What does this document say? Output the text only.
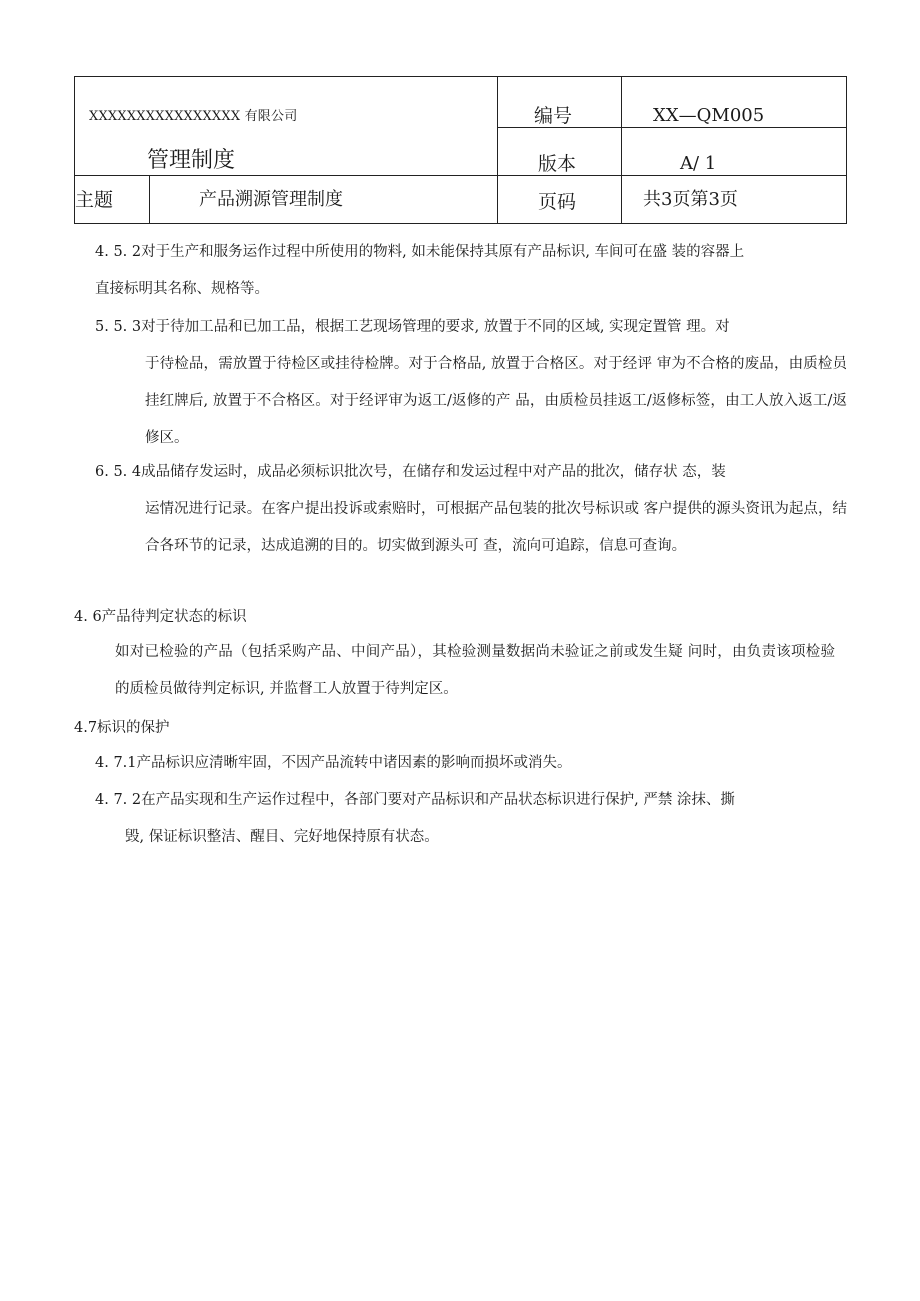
XXXXXXXXXXXXXXXX 有限公司
管理制度
主题	产品溯源管理制度
编号
版本
页码
XX—QM005
A/ 1
共3页第3页
4. 5. 2对于生产和服务运作过程中所使用的物料, 如未能保持其原有产品标识, 车间可在盛 装的容器上
直接标明其名称、规格等。
5. 5. 3对于待加工品和已加工品，根据工艺现场管理的要求, 放置于不同的区域, 实现定置管 理。对
于待检品，需放置于待检区或挂待检牌。对于合格品, 放置于合格区。对于经评 审为不合格的废品，由质检员挂红牌后, 放置于不合格区。对于经评审为返工/返修的产 品，由质检员挂返工/返修标签，由工人放入返工/返修区。
6. 5. 4成品储存发运时，成品必须标识批次号，在储存和发运过程中对产品的批次，储存状 态，装
运情况进行记录。在客户提出投诉或索赔时，可根据产品包装的批次号标识或 客户提供的源头资讯为起点，结合各环节的记录，达成追溯的目的。切实做到源头可 查，流向可追踪，信息可查询。
4. 6产品待判定状态的标识
如对已检验的产品（包括采购产品、中间产品），其检验测量数据尚未验证之前或发生疑 问时，由负责该项检验的质检员做待判定标识, 并监督工人放置于待判定区。
4.7标识的保护
4. 7.1产品标识应清晰牢固，不因产品流转中诸因素的影响而损坏或消失。
4. 7. 2在产品实现和生产运作过程中，各部门要对产品标识和产品状态标识进行保护, 严禁 涂抹、撕
毁, 保证标识整洁、醒目、完好地保持原有状态。
